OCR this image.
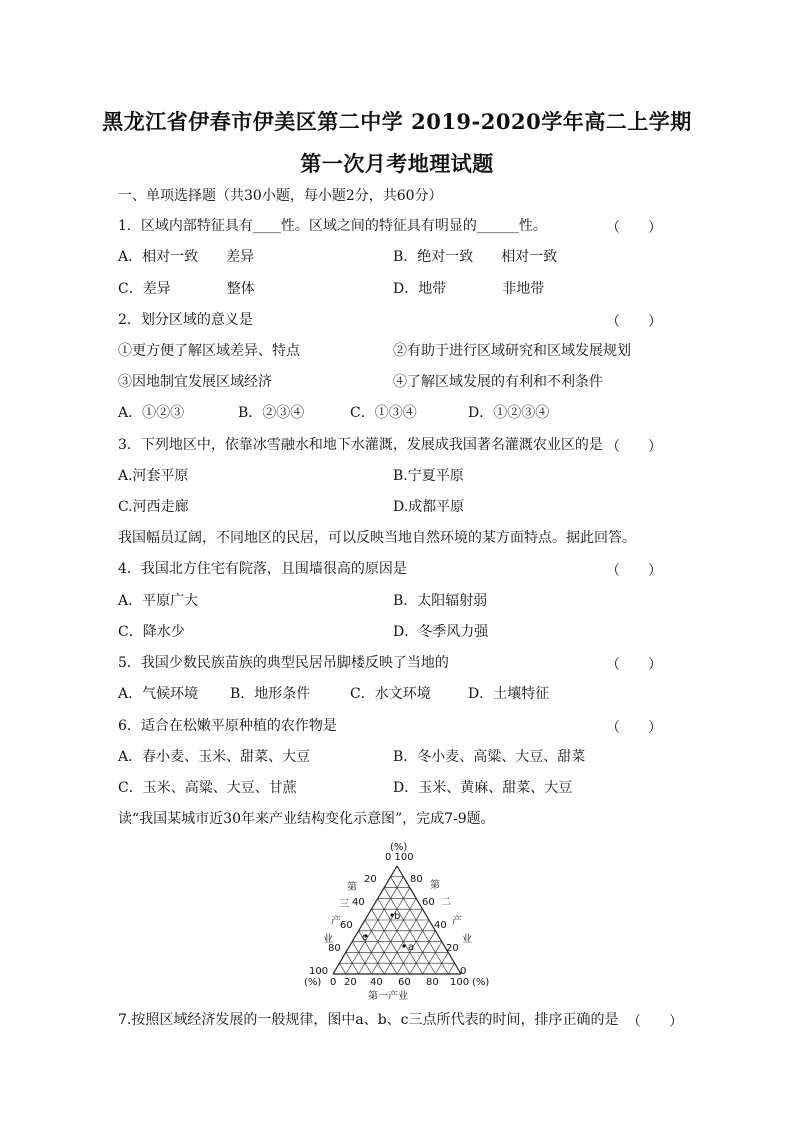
黑龙江省伊春市伊美区第二中学 2019-2020学年高二上学期
第一次月考地理试题
一、单项选择题（共30小题，每小题2分，共60分）
1．区域内部特征具有____性。区域之间的特征具有明显的______性。	（　　）
A．相对一致　　差异	B．绝对一致　　相对一致
C．差异　　　　整体	D．地带　　　　非地带
2．划分区域的意义是	（　　）
①更方便了解区域差异、特点	②有助于进行区域研究和区域发展规划
③因地制宜发展区域经济	④了解区域发展的有利和不利条件
A．①②③	B．②③④	C．①③④	D．①②③④
3．下列地区中，依靠冰雪融水和地下水灌溉，发展成我国著名灌溉农业区的是 （　　）
A.河套平原	B.宁夏平原
C.河西走廊	D.成都平原
我国幅员辽阔，不同地区的民居，可以反映当地自然环境的某方面特点。据此回答。
4．我国北方住宅有院落，且围墙很高的原因是	（　　）
A．平原广大	B．太阳辐射弱
C．降水少	D．冬季风力强
5．我国少数民族苗族的典型民居吊脚楼反映了当地的	（　　）
A．气候环境 B．地形条件	C．水文环境	D．土壤特征
6．适合在松嫩平原种植的农作物是	（　　）
A．春小麦、玉米、甜菜、大豆	B．冬小麦、高粱、大豆、甜菜
C．玉米、高粱、大豆、甘蔗	D．玉米、黄麻、甜菜、大豆
读“我国某城市近30年来产业结构变化示意图”，完成7-9题。
(%)
0 100
第
三
产
业
第
二
产
业
20
40
60
80
100
80
60
40
20
0
(%) 0 20 40 60 80 100 (%)
第一产业
a
b
c
7.按照区域经济发展的一般规律，图中a、b、c三点所代表的时间，排序正确的是 （　　）
